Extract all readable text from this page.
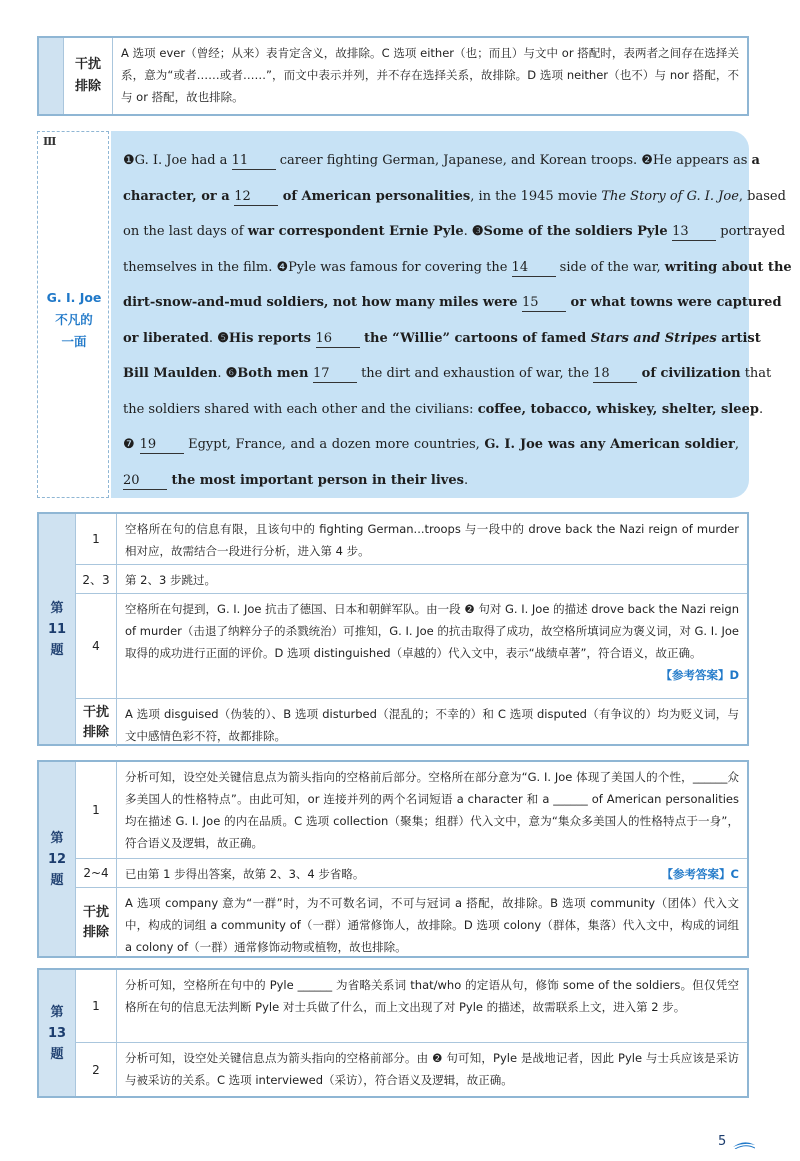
干扰
排除
A 选项 ever（曾经；从来）表肯定含义，故排除。C 选项 either（也；而且）与文中 or 搭配时，表两者之间存在选择关系，意为“或者……或者……”，而文中表示并列，并不存在选择关系，故排除。D 选项 neither（也不）与 nor 搭配，不与 or 搭配，故也排除。
Ⅲ
G. I. Joe
不凡的
一面
❶G. I. Joe had a 11 career fighting German, Japanese, and Korean troops. ❷He appears as a
character, or a 12 of American personalities, in the 1945 movie The Story of G. I. Joe, based
on the last days of war correspondent Ernie Pyle. ❸Some of the soldiers Pyle 13 portrayed
themselves in the film. ❹Pyle was famous for covering the 14 side of the war, writing about the
dirt-snow-and-mud soldiers, not how many miles were 15 or what towns were captured
or liberated. ❺His reports 16 the “Willie” cartoons of famed Stars and Stripes artist
Bill Maulden. ❻Both men 17 the dirt and exhaustion of war, the 18 of civilization that
the soldiers shared with each other and the civilians: coffee, tobacco, whiskey, shelter, sleep.
❼ 19 Egypt, France, and a dozen more countries, G. I. Joe was any American soldier,
20 the most important person in their lives.
第
11
题
1
空格所在句的信息有限，且该句中的 fighting German...troops 与一段中的 drove back the Nazi reign of murder 相对应，故需结合一段进行分析，进入第 4 步。
2、3	第 2、3 步跳过。
4
空格所在句提到，G. I. Joe 抗击了德国、日本和朝鲜军队。由一段 ❷ 句对 G. I. Joe 的描述 drove back the Nazi reign of murder（击退了纳粹分子的杀戮统治）可推知，G. I. Joe 的抗击取得了成功，故空格所填词应为褒义词，对 G. I. Joe 取得的成功进行正面的评价。D 选项 distinguished（卓越的）代入文中，表示“战绩卓著”，符合语义，故正确。
【参考答案】D
干扰
排除
A 选项 disguised（伪装的）、B 选项 disturbed（混乱的；不幸的）和 C 选项 disputed（有争议的）均为贬义词，与文中感情色彩不符，故都排除。
第
12
题
1
分析可知，设空处关键信息点为箭头指向的空格前后部分。空格所在部分意为“G. I. Joe 体现了美国人的个性，______众多美国人的性格特点”。由此可知，or 连接并列的两个名词短语 a character 和 a ______ of American personalities 均在描述 G. I. Joe 的内在品质。C 选项 collection（聚集；组群）代入文中，意为“集众多美国人的性格特点于一身”，符合语义及逻辑，故正确。
2~4	已由第 1 步得出答案，故第 2、3、4 步省略。	【参考答案】C
干扰
排除
A 选项 company 意为“一群”时，为不可数名词，不可与冠词 a 搭配，故排除。B 选项 community（团体）代入文中，构成的词组 a community of（一群）通常修饰人，故排除。D 选项 colony（群体，集落）代入文中，构成的词组 a colony of（一群）通常修饰动物或植物，故也排除。
第
13
题
1
分析可知，空格所在句中的 Pyle ______ 为省略关系词 that/who 的定语从句，修饰 some of the soldiers。但仅凭空格所在句的信息无法判断 Pyle 对士兵做了什么，而上文出现了对 Pyle 的描述，故需联系上文，进入第 2 步。
2
分析可知，设空处关键信息点为箭头指向的空格前部分。由 ❷ 句可知，Pyle 是战地记者，因此 Pyle 与士兵应该是采访与被采访的关系。C 选项 interviewed（采访），符合语义及逻辑，故正确。
5
